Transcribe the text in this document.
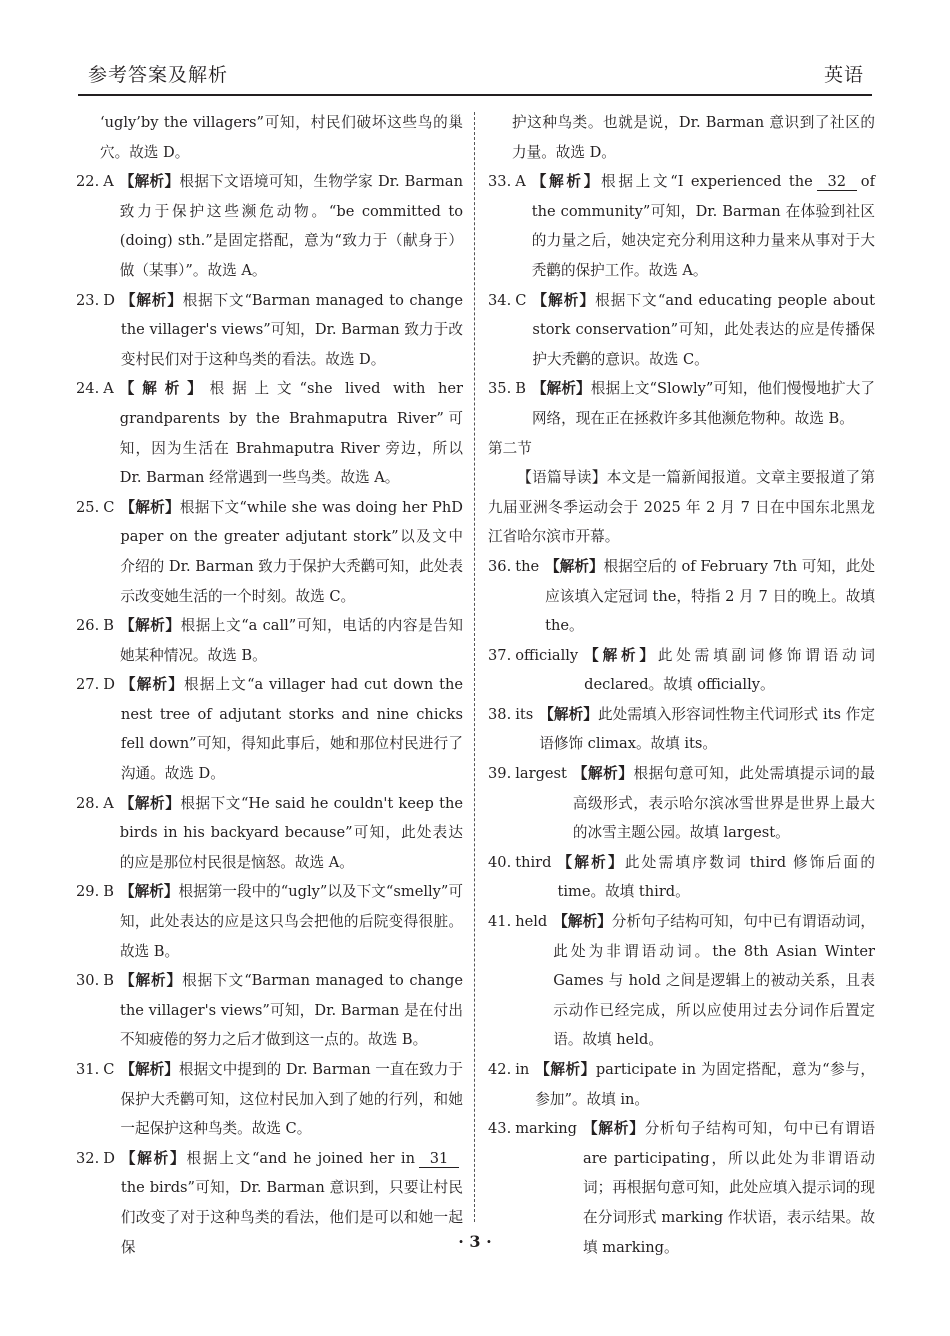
参考答案及解析	英语
‘ugly’by the villagers”可知，村民们破坏这些鸟的巢穴。故选 D。
22. A 【解析】根据下文语境可知，生物学家 Dr. Barman 致力于保护这些濒危动物。“be committed to (doing) sth.”是固定搭配，意为“致力于（献身于）做（某事）”。故选 A。
23. D 【解析】根据下文“Barman managed to change the villager's views”可知，Dr. Barman 致力于改变村民们对于这种鸟类的看法。故选 D。
24. A 【解析】根据上文“she lived with her grandparents by the Brahmaputra River”可知，因为生活在 Brahmaputra River 旁边，所以 Dr. Barman 经常遇到一些鸟类。故选 A。
25. C 【解析】根据下文“while she was doing her PhD paper on the greater adjutant stork”以及文中介绍的 Dr. Barman 致力于保护大秃鹳可知，此处表示改变她生活的一个时刻。故选 C。
26. B 【解析】根据上文“a call”可知，电话的内容是告知她某种情况。故选 B。
27. D 【解析】根据上文“a villager had cut down the nest tree of adjutant storks and nine chicks fell down”可知，得知此事后，她和那位村民进行了沟通。故选 D。
28. A 【解析】根据下文“He said he couldn't keep the birds in his backyard because”可知，此处表达的应是那位村民很是恼怒。故选 A。
29. B 【解析】根据第一段中的“ugly”以及下文“smelly”可知，此处表达的应是这只鸟会把他的后院变得很脏。故选 B。
30. B 【解析】根据下文“Barman managed to change the villager's views”可知，Dr. Barman 是在付出不知疲倦的努力之后才做到这一点的。故选 B。
31. C 【解析】根据文中提到的 Dr. Barman 一直在致力于保护大秃鹳可知，这位村民加入到了她的行列，和她一起保护这种鸟类。故选 C。
32. D 【解析】根据上文“and he joined her in 31the birds”可知，Dr. Barman 意识到，只要让村民们改变了对于这种鸟类的看法，他们是可以和她一起保
护这种鸟类。也就是说，Dr. Barman 意识到了社区的力量。故选 D。
33. A 【解析】根据上文“I experienced the 32 of the community”可知，Dr. Barman 在体验到社区的力量之后，她决定充分利用这种力量来从事对于大秃鹳的保护工作。故选 A。
34. C 【解析】根据下文“and educating people about stork conservation”可知，此处表达的应是传播保护大秃鹳的意识。故选 C。
35. B 【解析】根据上文“Slowly”可知，他们慢慢地扩大了网络，现在正在拯救许多其他濒危物种。故选 B。
第二节
【语篇导读】本文是一篇新闻报道。文章主要报道了第九届亚洲冬季运动会于 2025 年 2 月 7 日在中国东北黑龙江省哈尔滨市开幕。
36. the 【解析】根据空后的 of February 7th 可知，此处应该填入定冠词 the，特指 2 月 7 日的晚上。故填 the。
37. officially 【解析】此处需填副词修饰谓语动词 declared。故填 officially。
38. its 【解析】此处需填入形容词性物主代词形式 its 作定语修饰 climax。故填 its。
39. largest 【解析】根据句意可知，此处需填提示词的最高级形式，表示哈尔滨冰雪世界是世界上最大的冰雪主题公园。故填 largest。
40. third 【解析】此处需填序数词 third 修饰后面的 time。故填 third。
41. held 【解析】分析句子结构可知，句中已有谓语动词，此处为非谓语动词。the 8th Asian Winter Games 与 hold 之间是逻辑上的被动关系，且表示动作已经完成，所以应使用过去分词作后置定语。故填 held。
42. in 【解析】participate in 为固定搭配，意为“参与，参加”。故填 in。
43. marking 【解析】分析句子结构可知，句中已有谓语 are participating，所以此处为非谓语动词；再根据句意可知，此处应填入提示词的现在分词形式 marking 作状语，表示结果。故填 marking。
· 3 ·
